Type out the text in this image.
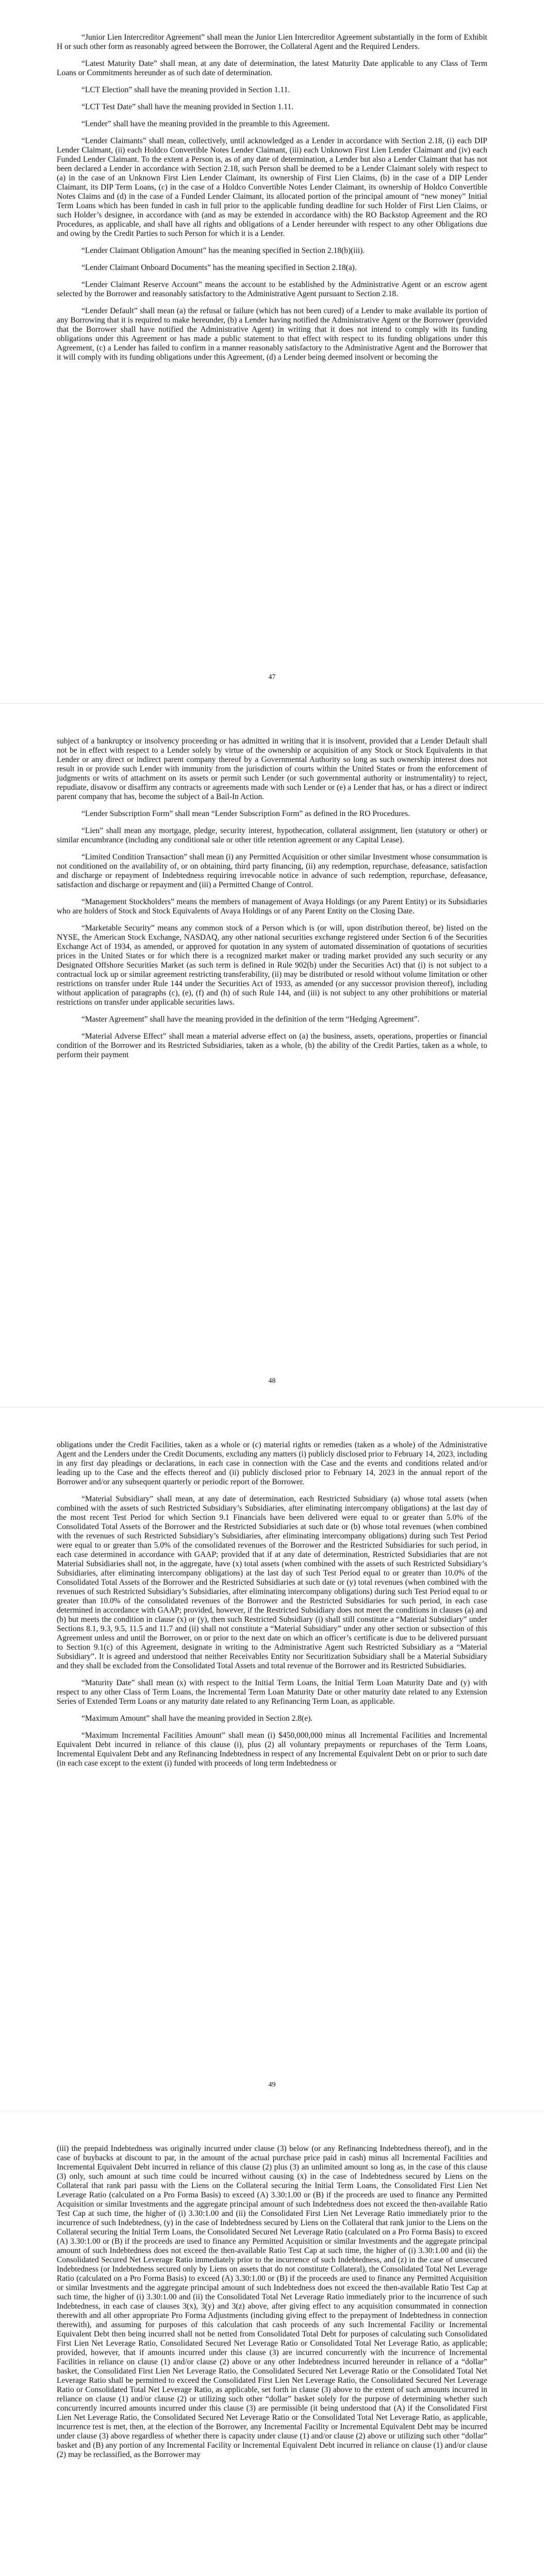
“Junior Lien Intercreditor Agreement” shall mean the Junior Lien Intercreditor Agreement substantially in the form of Exhibit H or such other form as reasonably agreed between the Borrower, the Collateral Agent and the Required Lenders.

“Latest Maturity Date” shall mean, at any date of determination, the latest Maturity Date applicable to any Class of Term Loans or Commitments hereunder as of such date of determination.

“LCT Election” shall have the meaning provided in Section 1.11.

“LCT Test Date” shall have the meaning provided in Section 1.11.

“Lender” shall have the meaning provided in the preamble to this Agreement.

“Lender Claimants” shall mean, collectively, until acknowledged as a Lender in accordance with Section 2.18, (i) each DIP Lender Claimant, (ii) each Holdco Convertible Notes Lender Claimant, (iii) each Unknown First Lien Lender Claimant and (iv) each Funded Lender Claimant. To the extent a Person is, as of any date of determination, a Lender but also a Lender Claimant that has not been declared a Lender in accordance with Section 2.18, such Person shall be deemed to be a Lender Claimant solely with respect to (a) in the case of an Unknown First Lien Lender Claimant, its ownership of First Lien Claims, (b) in the case of a DIP Lender Claimant, its DIP Term Loans, (c) in the case of a Holdco Convertible Notes Lender Claimant, its ownership of Holdco Convertible Notes Claims and (d) in the case of a Funded Lender Claimant, its allocated portion of the principal amount of “new money” Initial Term Loans which has been funded in cash in full prior to the applicable funding deadline for such Holder of First Lien Claims, or such Holder’s designee, in accordance with (and as may be extended in accordance with) the RO Backstop Agreement and the RO Procedures, as applicable, and shall have all rights and obligations of a Lender hereunder with respect to any other Obligations due and owing by the Credit Parties to such Person for which it is a Lender.

“Lender Claimant Obligation Amount” has the meaning specified in Section 2.18(b)(iii).

“Lender Claimant Onboard Documents” has the meaning specified in Section 2.18(a).

“Lender Claimant Reserve Account” means the account to be established by the Administrative Agent or an escrow agent selected by the Borrower and reasonably satisfactory to the Administrative Agent pursuant to Section 2.18.

“Lender Default” shall mean (a) the refusal or failure (which has not been cured) of a Lender to make available its portion of any Borrowing that it is required to make hereunder, (b) a Lender having notified the Administrative Agent or the Borrower (provided that the Borrower shall have notified the Administrative Agent) in writing that it does not intend to comply with its funding obligations under this Agreement or has made a public statement to that effect with respect to its funding obligations under this Agreement, (c) a Lender has failed to confirm in a manner reasonably satisfactory to the Administrative Agent and the Borrower that it will comply with its funding obligations under this Agreement, (d) a Lender being deemed insolvent or becoming the

47

subject of a bankruptcy or insolvency proceeding or has admitted in writing that it is insolvent, provided that a Lender Default shall not be in effect with respect to a Lender solely by virtue of the ownership or acquisition of any Stock or Stock Equivalents in that Lender or any direct or indirect parent company thereof by a Governmental Authority so long as such ownership interest does not result in or provide such Lender with immunity from the jurisdiction of courts within the United States or from the enforcement of judgments or writs of attachment on its assets or permit such Lender (or such governmental authority or instrumentality) to reject, repudiate, disavow or disaffirm any contracts or agreements made with such Lender or (e) a Lender that has, or has a direct or indirect parent company that has, become the subject of a Bail-In Action.

“Lender Subscription Form” shall mean “Lender Subscription Form” as defined in the RO Procedures.

“Lien” shall mean any mortgage, pledge, security interest, hypothecation, collateral assignment, lien (statutory or other) or similar encumbrance (including any conditional sale or other title retention agreement or any Capital Lease).

“Limited Condition Transaction” shall mean (i) any Permitted Acquisition or other similar Investment whose consummation is not conditioned on the availability of, or on obtaining, third party financing, (ii) any redemption, repurchase, defeasance, satisfaction and discharge or repayment of Indebtedness requiring irrevocable notice in advance of such redemption, repurchase, defeasance, satisfaction and discharge or repayment and (iii) a Permitted Change of Control.

“Management Stockholders” means the members of management of Avaya Holdings (or any Parent Entity) or its Subsidiaries who are holders of Stock and Stock Equivalents of Avaya Holdings or of any Parent Entity on the Closing Date.

“Marketable Security” means any common stock of a Person which is (or will, upon distribution thereof, be) listed on the NYSE, the American Stock Exchange, NASDAQ, any other national securities exchange registered under Section 6 of the Securities Exchange Act of 1934, as amended, or approved for quotation in any system of automated dissemination of quotations of securities prices in the United States or for which there is a recognized market maker or trading market provided any such security or any Designated Offshore Securities Market (as such term is defined in Rule 902(b) under the Securities Act) that (i) is not subject to a contractual lock up or similar agreement restricting transferability, (ii) may be distributed or resold without volume limitation or other restrictions on transfer under Rule 144 under the Securities Act of 1933, as amended (or any successor provision thereof), including without application of paragraphs (c), (e), (f) and (h) of such Rule 144, and (iii) is not subject to any other prohibitions or material restrictions on transfer under applicable securities laws.

“Master Agreement” shall have the meaning provided in the definition of the term “Hedging Agreement”.

“Material Adverse Effect” shall mean a material adverse effect on (a) the business, assets, operations, properties or financial condition of the Borrower and its Restricted Subsidiaries, taken as a whole, (b) the ability of the Credit Parties, taken as a whole, to perform their payment

48

obligations under the Credit Facilities, taken as a whole or (c) material rights or remedies (taken as a whole) of the Administrative Agent and the Lenders under the Credit Documents, excluding any matters (i) publicly disclosed prior to February 14, 2023, including in any first day pleadings or declarations, in each case in connection with the Case and the events and conditions related and/or leading up to the Case and the effects thereof and (ii) publicly disclosed prior to February 14, 2023 in the annual report of the Borrower and/or any subsequent quarterly or periodic report of the Borrower.

“Material Subsidiary” shall mean, at any date of determination, each Restricted Subsidiary (a) whose total assets (when combined with the assets of such Restricted Subsidiary’s Subsidiaries, after eliminating intercompany obligations) at the last day of the most recent Test Period for which Section 9.1 Financials have been delivered were equal to or greater than 5.0% of the Consolidated Total Assets of the Borrower and the Restricted Subsidiaries at such date or (b) whose total revenues (when combined with the revenues of such Restricted Subsidiary’s Subsidiaries, after eliminating intercompany obligations) during such Test Period were equal to or greater than 5.0% of the consolidated revenues of the Borrower and the Restricted Subsidiaries for such period, in each case determined in accordance with GAAP; provided that if at any date of determination, Restricted Subsidiaries that are not Material Subsidiaries shall not, in the aggregate, have (x) total assets (when combined with the assets of such Restricted Subsidiary’s Subsidiaries, after eliminating intercompany obligations) at the last day of such Test Period equal to or greater than 10.0% of the Consolidated Total Assets of the Borrower and the Restricted Subsidiaries at such date or (y) total revenues (when combined with the revenues of such Restricted Subsidiary’s Subsidiaries, after eliminating intercompany obligations) during such Test Period equal to or greater than 10.0% of the consolidated revenues of the Borrower and the Restricted Subsidiaries for such period, in each case determined in accordance with GAAP; provided, however, if the Restricted Subsidiary does not meet the conditions in clauses (a) and (b) but meets the condition in clause (x) or (y), then such Restricted Subsidiary (i) shall still constitute a “Material Subsidiary” under Sections 8.1, 9.3, 9.5, 11.5 and 11.7 and (ii) shall not constitute a “Material Subsidiary” under any other section or subsection of this Agreement unless and until the Borrower, on or prior to the next date on which an officer’s certificate is due to be delivered pursuant to Section 9.1(c) of this Agreement, designate in writing to the Administrative Agent such Restricted Subsidiary as a “Material Subsidiary”. It is agreed and understood that neither Receivables Entity nor Securitization Subsidiary shall be a Material Subsidiary and they shall be excluded from the Consolidated Total Assets and total revenue of the Borrower and its Restricted Subsidiaries.

“Maturity Date” shall mean (x) with respect to the Initial Term Loans, the Initial Term Loan Maturity Date and (y) with respect to any other Class of Term Loans, the Incremental Term Loan Maturity Date or other maturity date related to any Extension Series of Extended Term Loans or any maturity date related to any Refinancing Term Loan, as applicable.

“Maximum Amount” shall have the meaning provided in Section 2.8(e).

“Maximum Incremental Facilities Amount” shall mean (i) $450,000,000 minus all Incremental Facilities and Incremental Equivalent Debt incurred in reliance of this clause (i), plus (2) all voluntary prepayments or repurchases of the Term Loans, Incremental Equivalent Debt and any Refinancing Indebtedness in respect of any Incremental Equivalent Debt on or prior to such date (in each case except to the extent (i) funded with proceeds of long term Indebtedness or

49

(iii) the prepaid Indebtedness was originally incurred under clause (3) below (or any Refinancing Indebtedness thereof), and in the case of buybacks at discount to par, in the amount of the actual purchase price paid in cash) minus all Incremental Facilities and Incremental Equivalent Debt incurred in reliance of this clause (2) plus (3) an unlimited amount so long as, in the case of this clause (3) only, such amount at such time could be incurred without causing (x) in the case of Indebtedness secured by Liens on the Collateral that rank pari passu with the Liens on the Collateral securing the Initial Term Loans, the Consolidated First Lien Net Leverage Ratio (calculated on a Pro Forma Basis) to exceed (A) 3.30:1.00 or (B) if the proceeds are used to finance any Permitted Acquisition or similar Investments and the aggregate principal amount of such Indebtedness does not exceed the then-available Ratio Test Cap at such time, the higher of (i) 3.30:1.00 and (ii) the Consolidated First Lien Net Leverage Ratio immediately prior to the incurrence of such Indebtedness, (y) in the case of Indebtedness secured by Liens on the Collateral that rank junior to the Liens on the Collateral securing the Initial Term Loans, the Consolidated Secured Net Leverage Ratio (calculated on a Pro Forma Basis) to exceed (A) 3.30:1.00 or (B) if the proceeds are used to finance any Permitted Acquisition or similar Investments and the aggregate principal amount of such Indebtedness does not exceed the then-available Ratio Test Cap at such time, the higher of (i) 3.30:1.00 and (ii) the Consolidated Secured Net Leverage Ratio immediately prior to the incurrence of such Indebtedness, and (z) in the case of unsecured Indebtedness (or Indebtedness secured only by Liens on assets that do not constitute Collateral), the Consolidated Total Net Leverage Ratio (calculated on a Pro Forma Basis) to exceed (A) 3.30:1.00 or (B) if the proceeds are used to finance any Permitted Acquisition or similar Investments and the aggregate principal amount of such Indebtedness does not exceed the then-available Ratio Test Cap at such time, the higher of (i) 3.30:1.00 and (ii) the Consolidated Total Net Leverage Ratio immediately prior to the incurrence of such Indebtedness, in each case of clauses 3(x), 3(y) and 3(z) above, after giving effect to any acquisition consummated in connection therewith and all other appropriate Pro Forma Adjustments (including giving effect to the prepayment of Indebtedness in connection therewith), and assuming for purposes of this calculation that cash proceeds of any such Incremental Facility or Incremental Equivalent Debt then being incurred shall not be netted from Consolidated Total Debt for purposes of calculating such Consolidated First Lien Net Leverage Ratio, Consolidated Secured Net Leverage Ratio or Consolidated Total Net Leverage Ratio, as applicable; provided, however, that if amounts incurred under this clause (3) are incurred concurrently with the incurrence of Incremental Facilities in reliance on clause (1) and/or clause (2) above or any other Indebtedness incurred hereunder in reliance of a “dollar” basket, the Consolidated First Lien Net Leverage Ratio, the Consolidated Secured Net Leverage Ratio or the Consolidated Total Net Leverage Ratio shall be permitted to exceed the Consolidated First Lien Net Leverage Ratio, the Consolidated Secured Net Leverage Ratio or Consolidated Total Net Leverage Ratio, as applicable, set forth in clause (3) above to the extent of such amounts incurred in reliance on clause (1) and/or clause (2) or utilizing such other “dollar” basket solely for the purpose of determining whether such concurrently incurred amounts incurred under this clause (3) are permissible (it being understood that (A) if the Consolidated First Lien Net Leverage Ratio, the Consolidated Secured Net Leverage Ratio or the Consolidated Total Net Leverage Ratio, as applicable, incurrence test is met, then, at the election of the Borrower, any Incremental Facility or Incremental Equivalent Debt may be incurred under clause (3) above regardless of whether there is capacity under clause (1) and/or clause (2) above or utilizing such other “dollar” basket and (B) any portion of any Incremental Facility or Incremental Equivalent Debt incurred in reliance on clause (1) and/or clause (2) may be reclassified, as the Borrower may
